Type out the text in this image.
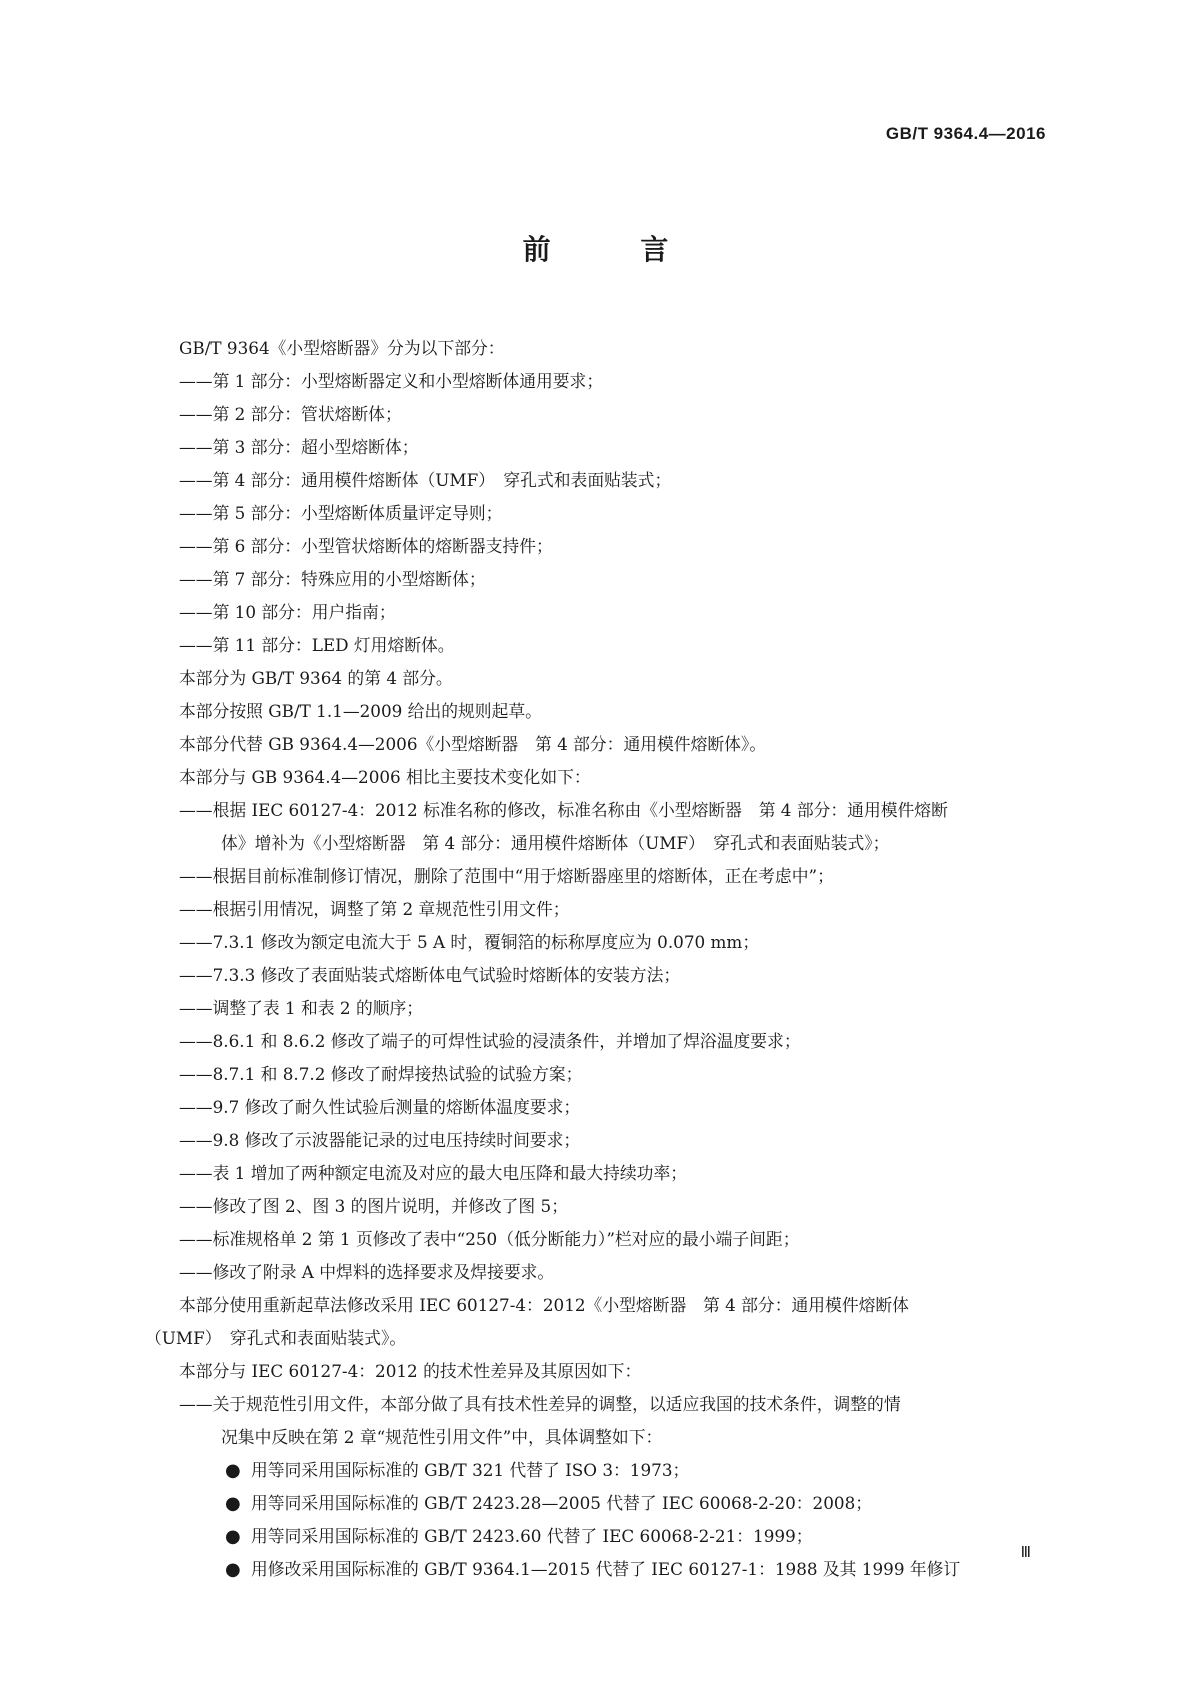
GB/T 9364.4—2016
前 言
GB/T 9364《小型熔断器》分为以下部分：
——第 1 部分：小型熔断器定义和小型熔断体通用要求；
——第 2 部分：管状熔断体；
——第 3 部分：超小型熔断体；
——第 4 部分：通用模件熔断体（UMF）　穿孔式和表面贴装式；
——第 5 部分：小型熔断体质量评定导则；
——第 6 部分：小型管状熔断体的熔断器支持件；
——第 7 部分：特殊应用的小型熔断体；
——第 10 部分：用户指南；
——第 11 部分：LED 灯用熔断体。
本部分为 GB/T 9364 的第 4 部分。
本部分按照 GB/T 1.1—2009 给出的规则起草。
本部分代替 GB 9364.4—2006《小型熔断器　第 4 部分：通用模件熔断体》。
本部分与 GB 9364.4—2006 相比主要技术变化如下：
——根据 IEC 60127-4：2012 标准名称的修改，标准名称由《小型熔断器　第 4 部分：通用模件熔断
体》增补为《小型熔断器　第 4 部分：通用模件熔断体（UMF）　穿孔式和表面贴装式》；
——根据目前标准制修订情况，删除了范围中“用于熔断器座里的熔断体，正在考虑中”；
——根据引用情况，调整了第 2 章规范性引用文件；
——7.3.1 修改为额定电流大于 5 A 时，覆铜箔的标称厚度应为 0.070 mm；
——7.3.3 修改了表面贴装式熔断体电气试验时熔断体的安装方法；
——调整了表 1 和表 2 的顺序；
——8.6.1 和 8.6.2 修改了端子的可焊性试验的浸渍条件，并增加了焊浴温度要求；
——8.7.1 和 8.7.2 修改了耐焊接热试验的试验方案；
——9.7 修改了耐久性试验后测量的熔断体温度要求；
——9.8 修改了示波器能记录的过电压持续时间要求；
——表 1 增加了两种额定电流及对应的最大电压降和最大持续功率；
——修改了图 2、图 3 的图片说明，并修改了图 5；
——标准规格单 2 第 1 页修改了表中“250（低分断能力）”栏对应的最小端子间距；
——修改了附录 A 中焊料的选择要求及焊接要求。
本部分使用重新起草法修改采用 IEC 60127-4：2012《小型熔断器　第 4 部分：通用模件熔断体
（UMF）　穿孔式和表面贴装式》。
本部分与 IEC 60127-4：2012 的技术性差异及其原因如下：
——关于规范性引用文件，本部分做了具有技术性差异的调整，以适应我国的技术条件，调整的情
况集中反映在第 2 章“规范性引用文件”中，具体调整如下：
● 用等同采用国际标准的 GB/T 321 代替了 ISO 3：1973；
● 用等同采用国际标准的 GB/T 2423.28—2005 代替了 IEC 60068-2-20：2008；
● 用等同采用国际标准的 GB/T 2423.60 代替了 IEC 60068-2-21：1999；
● 用修改采用国际标准的 GB/T 9364.1—2015 代替了 IEC 60127-1：1988 及其 1999 年修订
Ⅲ
